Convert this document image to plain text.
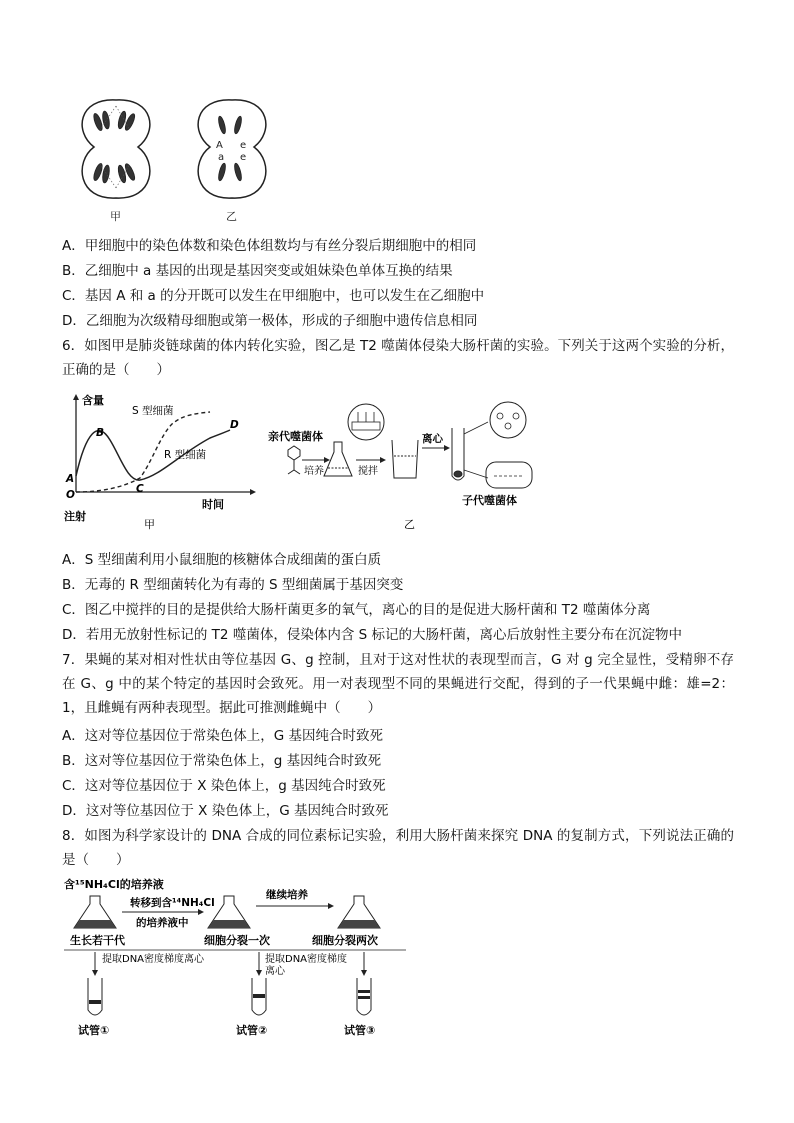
甲
A e
a e
乙
A．甲细胞中的染色体数和染色体组数均与有丝分裂后期细胞中的相同
B．乙细胞中 a 基因的出现是基因突变或姐妹染色单体互换的结果
C．基因 A 和 a 的分开既可以发生在甲细胞中，也可以发生在乙细胞中
D．乙细胞为次级精母细胞或第一极体，形成的子细胞中遗传信息相同
6．如图甲是肺炎链球菌的体内转化实验，图乙是 T2 噬菌体侵染大肠杆菌的实验。下列关于这两个实验的分析，正确的是（　　）
含量
时间
S 型细菌
R 型细菌
A
B
C
D
O
注射
甲
亲代噬菌体
培养	搅拌
离心
子代噬菌体
乙
A．S 型细菌利用小鼠细胞的核糖体合成细菌的蛋白质
B．无毒的 R 型细菌转化为有毒的 S 型细菌属于基因突变
C．图乙中搅拌的目的是提供给大肠杆菌更多的氧气，离心的目的是促进大肠杆菌和 T2 噬菌体分离
D．若用无放射性标记的 T2 噬菌体，侵染体内含 S 标记的大肠杆菌，离心后放射性主要分布在沉淀物中
7．果蝇的某对相对性状由等位基因 G、g 控制，且对于这对性状的表现型而言，G 对 g 完全显性，受精卵不存在 G、g 中的某个特定的基因时会致死。用一对表现型不同的果蝇进行交配，得到的子一代果蝇中雌：雄=2：1，且雌蝇有两种表现型。据此可推测雌蝇中（　　）
A．这对等位基因位于常染色体上，G 基因纯合时致死
B．这对等位基因位于常染色体上，g 基因纯合时致死
C．这对等位基因位于 X 染色体上，g 基因纯合时致死
D．这对等位基因位于 X 染色体上，G 基因纯合时致死
8．如图为科学家设计的 DNA 合成的同位素标记实验，利用大肠杆菌来探究 DNA 的复制方式，下列说法正确的是（　　）
含¹⁵NH₄Cl的培养液
转移到含¹⁴NH₄Cl
的培养液中
继续培养
生长若干代	细胞分裂一次	细胞分裂两次
提取DNA密度梯度离心	提取DNA密度梯度
离心
试管①	试管②	试管③
